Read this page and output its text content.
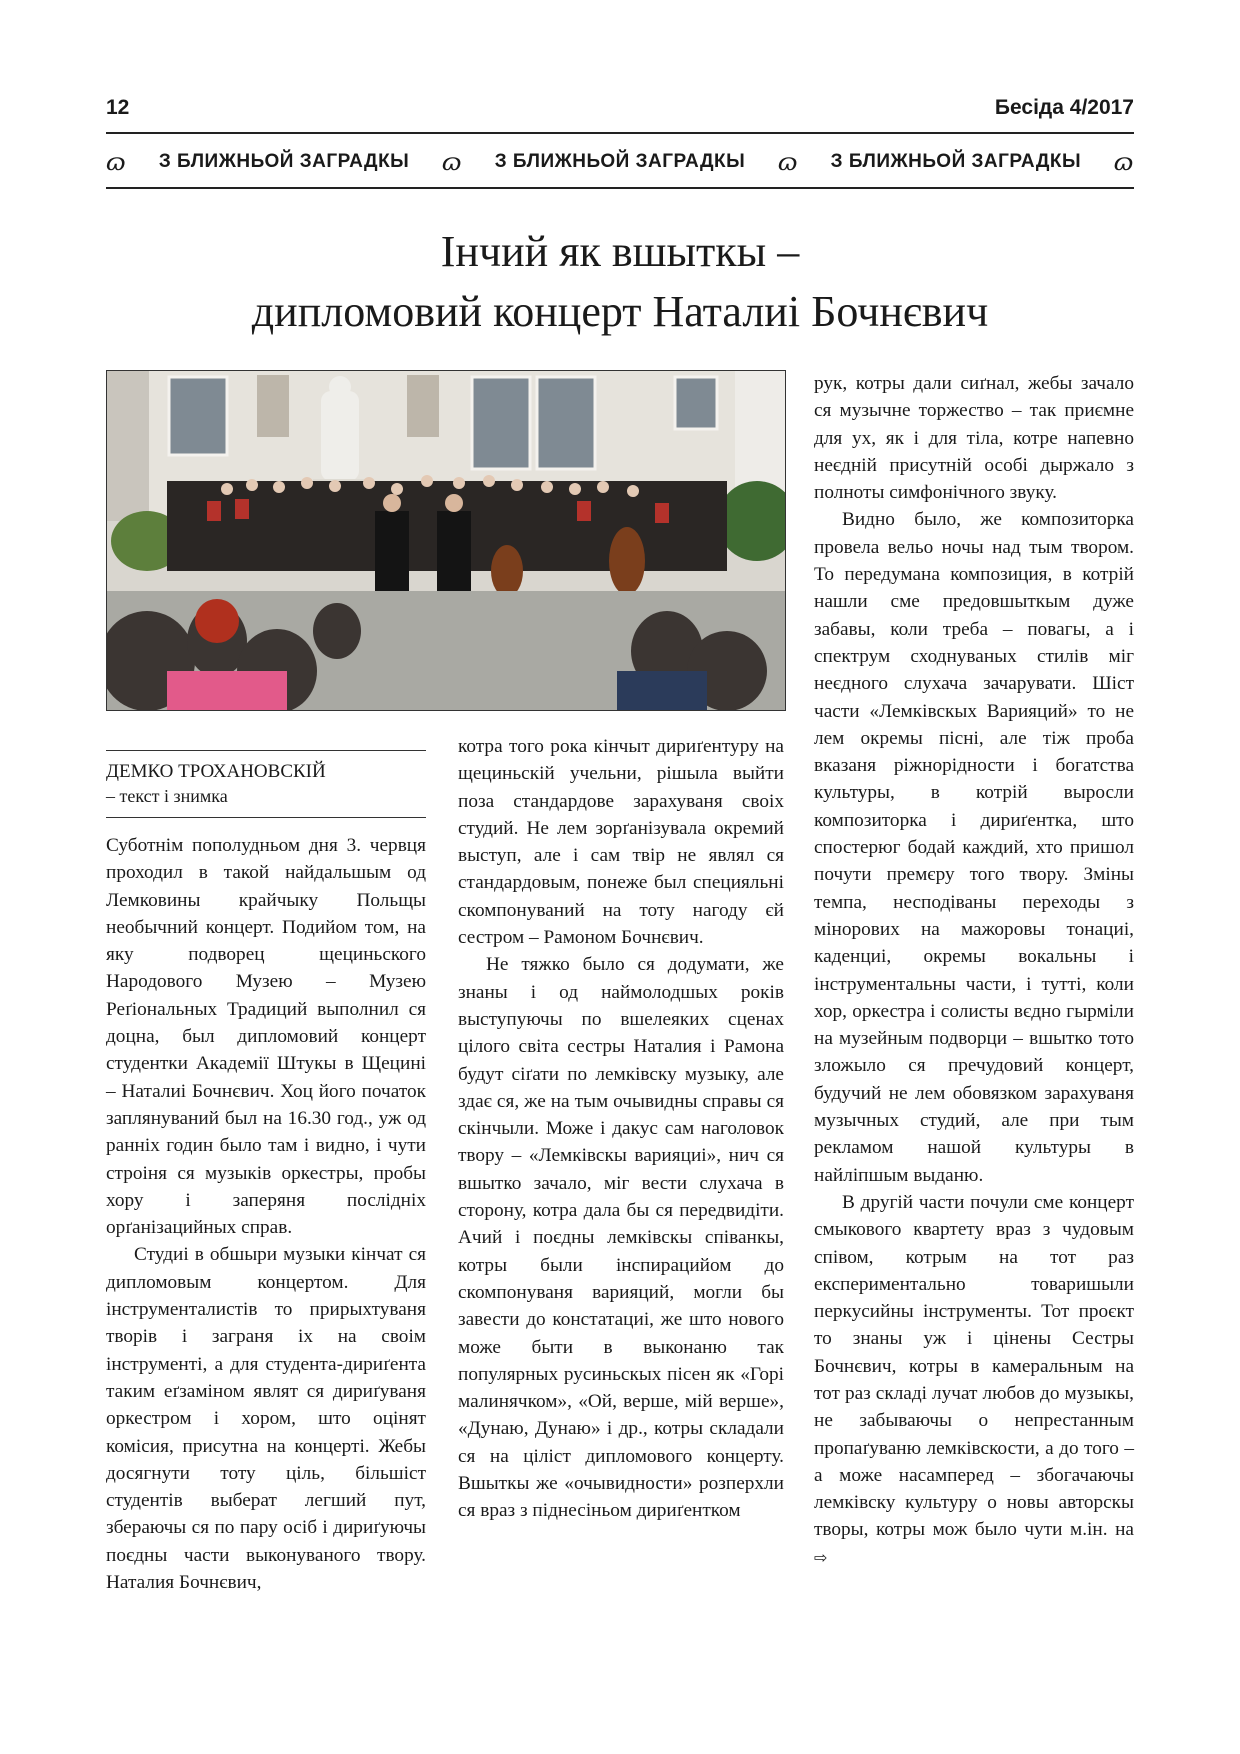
12	Бесіда 4/2017
ɷ З БЛИЖНЬОЙ ЗАГРАДКЫ ɷ З БЛИЖНЬОЙ ЗАГРАДКЫ ɷ З БЛИЖНЬОЙ ЗАГРАДКЫ ɷ
Інчий як вшыткы –
дипломовий концерт Наталиі Бочнєвич
ДЕМКО ТРОХАНОВСКІЙ
– текст і знимка

Суботнім пополудньом дня 3. червця проходил в такой найдальшым од Лемковины крайчыку Польщы необычний концерт. Подийом том, на яку подворец щециньского Народового Музею – Музею Реґіональных Традиций выполнил ся доцна, был дипломовий концерт студентки Академії Штукы в Щецині – Наталиі Бочнєвич. Хоц його початок заплянуваний был на 16.30 год., уж од ранніх годин было там і видно, і чути строіня ся музыків оркестры, пробы хору і заперяня послідніх орґанізацийных справ.

Студиі в обшыри музыки кінчат ся дипломовым концертом. Для інструменталистів то прирыхтуваня творів і заграня іх на своім інструменті, а для студента-дириґента таким еґзаміном являт ся дириґуваня оркестром і хором, што оцінят комісия, присутна на концерті. Жебы досягнути тоту ціль, більшіст студентів выберат легший пут, збераючы ся по пару осіб і дириґуючы поєдны части выконуваного твору. Наталия Бочнєвич,

котра того рока кінчыт дириґентуру на щециньскій учельни, рішыла выйти поза стандардове зарахуваня своіх студий. Не лем зорґанізувала окремий выступ, але і сам твір не являл ся стандардовым, понеже был специяльні скомпонуваний на тоту нагоду єй сестром – Рамоном Бочнєвич.

Не тяжко было ся додумати, же знаны і од наймолодшых років выступуючы по вшелеяких сценах цілого світа сестры Наталия і Рамона будут сіґати по лемківску музыку, але здає ся, же на тым очывидны справы ся скінчыли. Може і дакус сам наголовок твору – «Лемківскы варияциі», нич ся вшытко зачало, міг вести слухача в сторону, котра дала бы ся передвидіти. Ачий і поєдны лемківскы співанкы, котры были інспирацийом до скомпонуваня варияций, могли бы завести до констатациі, же што нового може быти в выконаню так популярных русиньскых пісен як «Горі малинячком», «Ой, верше, мій верше», «Дунаю, Дунаю» і др., котры складали ся на ціліст дипломового концерту. Вшыткы же «очывидности» розперхли ся враз з піднесіньом дириґентком

рук, котры дали сиґнал, жебы зачало ся музычне торжество – так приємне для ух, як і для тіла, котре напевно неєдній присутній особі дыржало з полноты симфонічного звуку.

Видно было, же композиторка провела вельо ночы над тым твором. То передумана композиция, в котрій нашли сме предовшыткым дуже забавы, коли треба – повагы, а і спектрум сходнуваных стилів міг неєдного слухача зачарувати. Шіст части «Лемківскых Варияций» то не лем окремы пісні, але тіж проба вказаня ріжнорідности і богатства культуры, в котрій выросли композиторка і дириґентка, што спостерюг бодай каждий, хто пришол почути премєру того твору. Зміны темпа, несподіваны переходы з мінорових на мажоровы тонациі, каденциі, окремы вокальны і інструментальны части, і тутті, коли хор, оркестра і солисты вєдно гырміли на музейным подворци – вшытко тото зложыло ся пречудовий концерт, будучий не лем обовязком зарахуваня музычных студий, але при тым рекламом нашой культуры в найліпшым выданю.

В другій части почули сме концерт смыкового квартету враз з чудовым співом, котрым на тот раз експериментально товаришыли перкусийны інструменты. Тот проєкт то знаны уж і цінены Сестры Бочнєвич, котры в камеральным на тот раз складі лучат любов до музыкы, не забываючы о непрестанным пропаґуваню лемківскости, а до того – а може насамперед – збогачаючы лемківску культуру о новы авторскы творы, котры мож было чути м.ін. на ⇨
